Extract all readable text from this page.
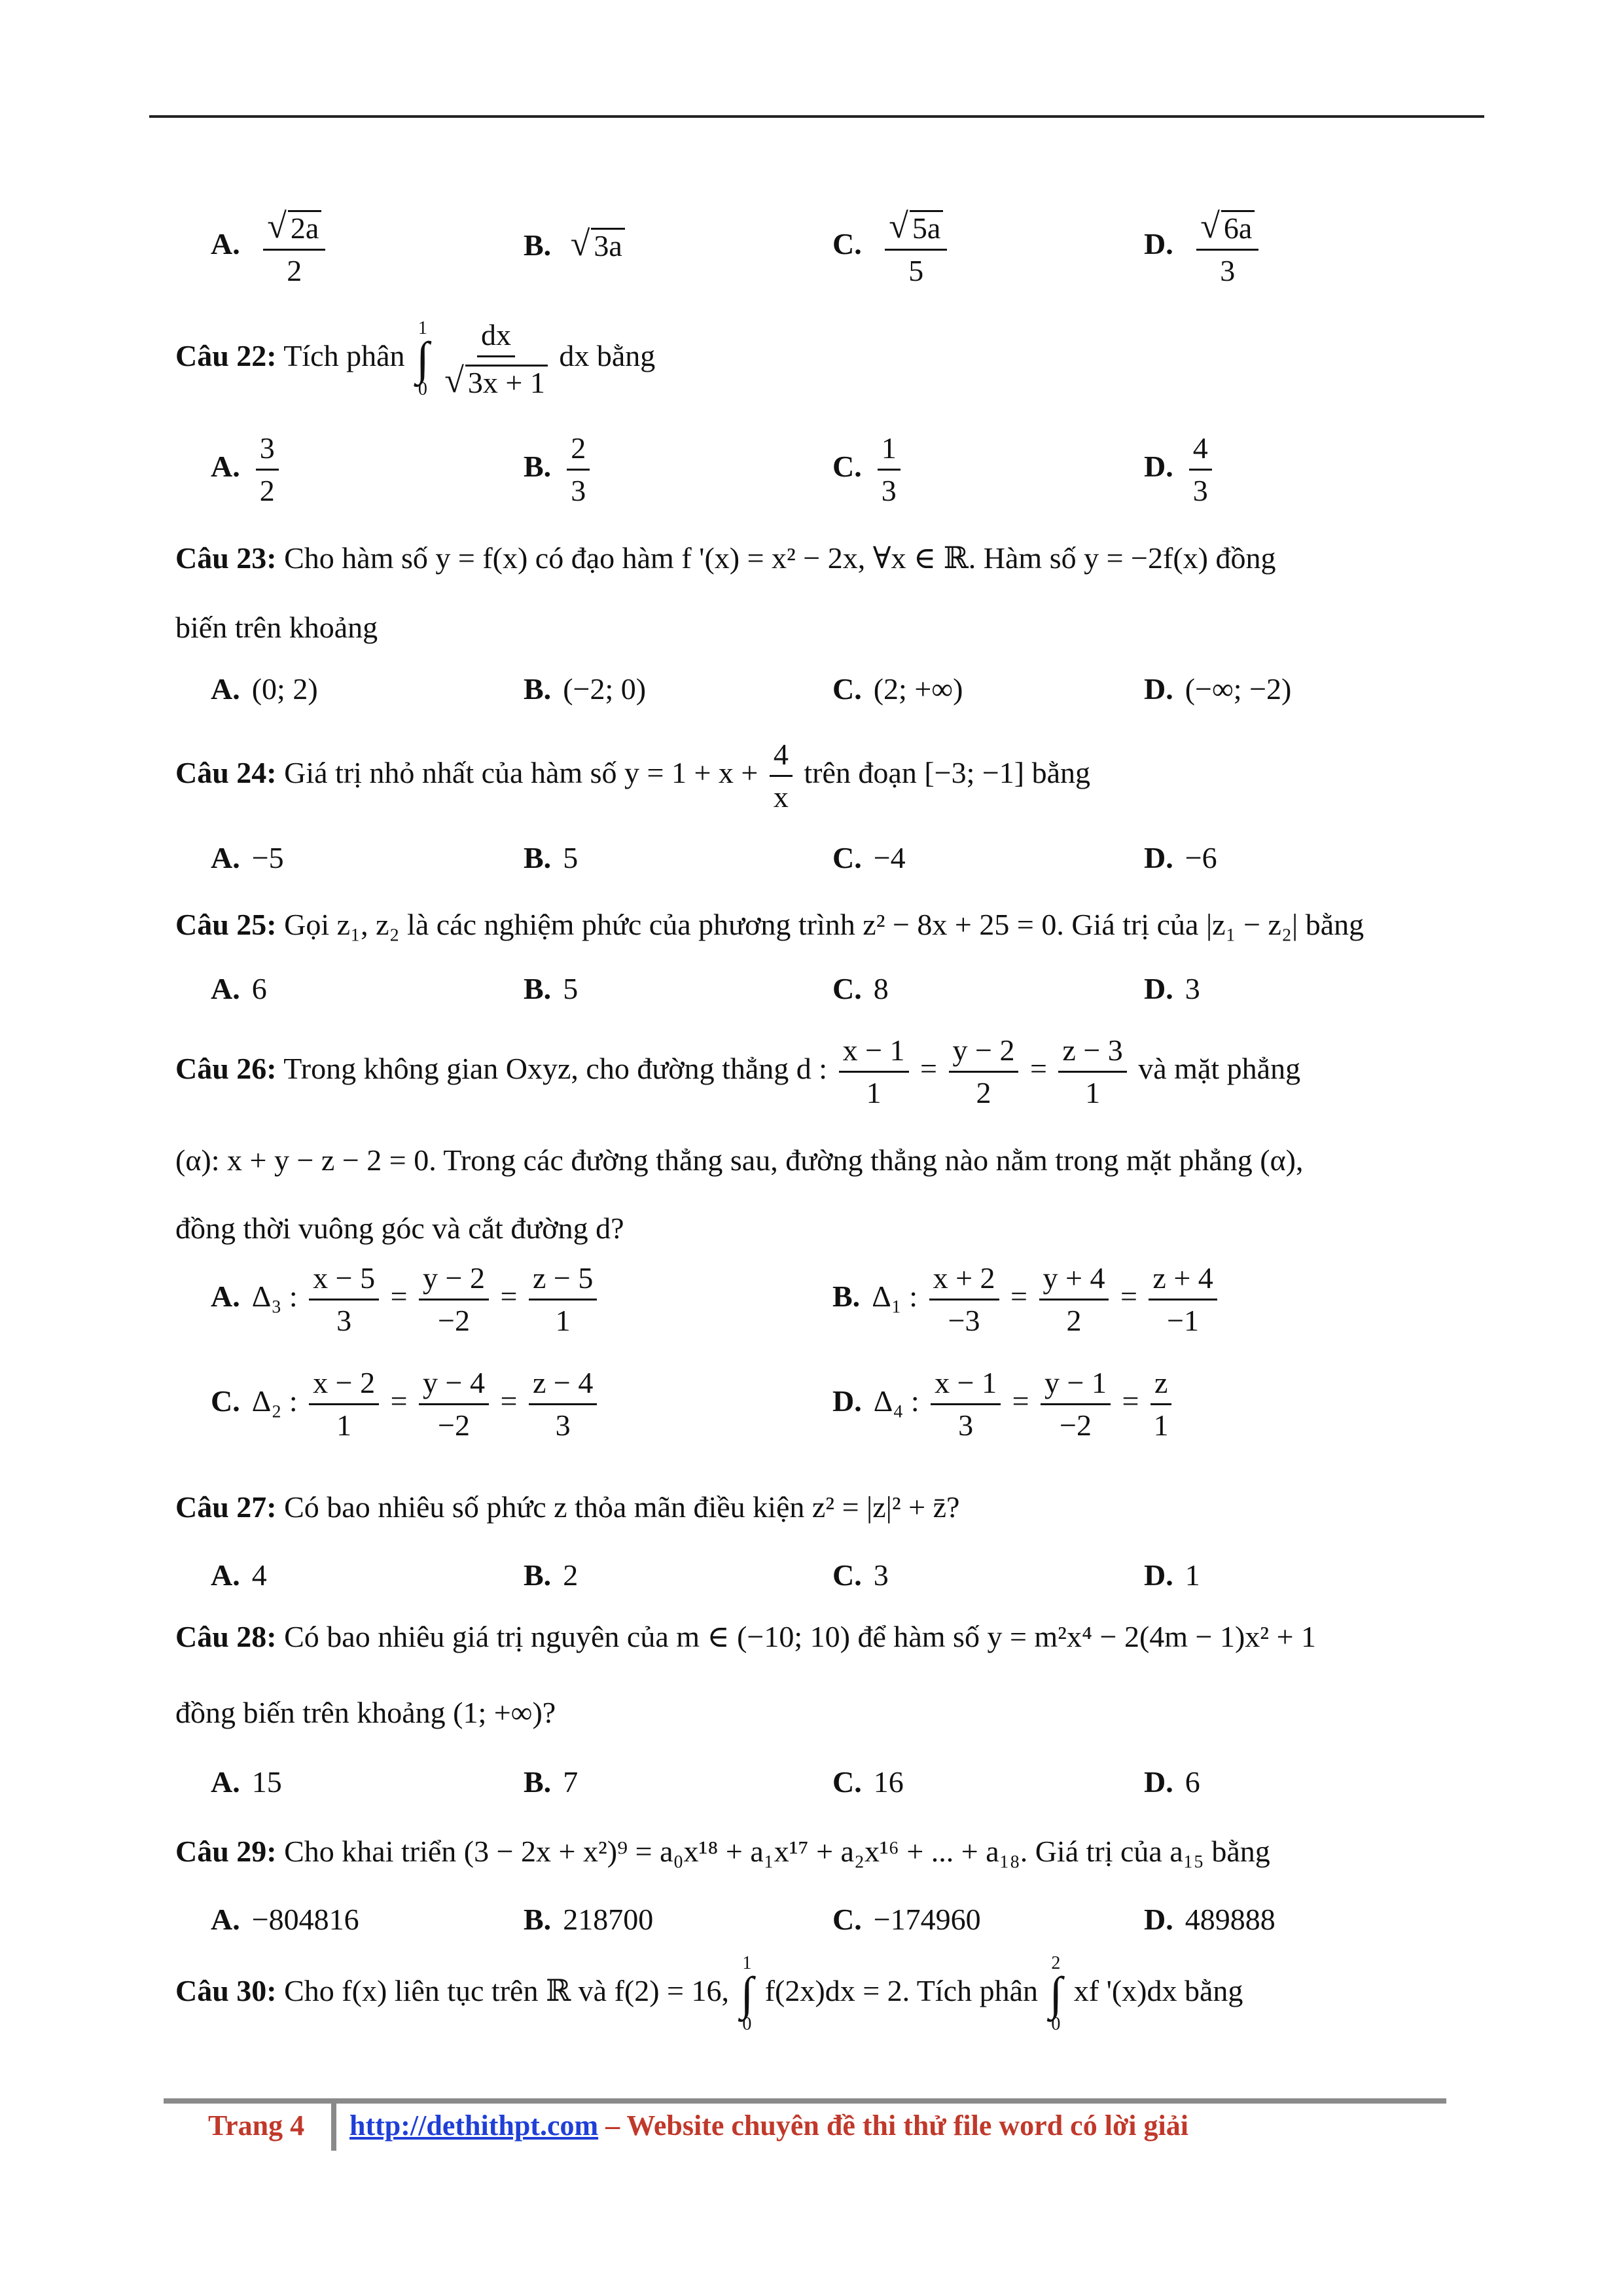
A. $\frac{√ 2a}{2}$	B. √ 3a	C. $\frac{√ 5a}{5}$	D. $\frac{√ 6a}{3}$
Câu 22: Tích phân
1
∫
0
$\frac{dx}{√ 3x + 1}$ dx bằng
A. $\frac{3}{2}$	B. $\frac{2}{3}$	C. $\frac{1}{3}$	D. $\frac{4}{3}$
Câu 23: Cho hàm số y = f(x) có đạo hàm f '(x) = x² − 2x, ∀x ∈ ℝ. Hàm số y = −2f(x) đồng
biến trên khoảng
A. (0; 2)	B. (−2; 0)	C. (2; +∞)	D. (−∞; −2)
Câu 24: Giá trị nhỏ nhất của hàm số $y = 1 + x + \frac{4}{x}$ trên đoạn [−3; −1] bằng
A. −5	B. 5	C. −4	D. −6
Câu 25: Gọi z₁, z₂ là các nghiệm phức của phương trình z² − 8x + 25 = 0. Giá trị của |z₁ − z₂| bằng
A. 6	B. 5	C. 8	D. 3
Câu 26: Trong không gian Oxyz, cho đường thẳng d : $\frac{x - 1}{1} = \frac{y - 2}{2} = \frac{z - 3}{1}$ và mặt phẳng
(α): x + y − z − 2 = 0. Trong các đường thẳng sau, đường thẳng nào nằm trong mặt phẳng (α),
đồng thời vuông góc và cắt đường d?
A. Δ₃ : $\frac{x - 5}{3} = \frac{y - 2}{-2} = \frac{z - 5}{1}$	B. Δ₁ : $\frac{x + 2}{-3} = \frac{y + 4}{2} = \frac{z + 4}{-1}$
C. Δ₂ : $\frac{x - 2}{1} = \frac{y - 4}{-2} = \frac{z - 4}{3}$	D. Δ₄ : $\frac{x - 1}{3} = \frac{y - 1}{-2} = \frac{z}{1}$
Câu 27: Có bao nhiêu số phức z thỏa mãn điều kiện z² = |z|² + z̄?
A. 4	B. 2	C. 3	D. 1
Câu 28: Có bao nhiêu giá trị nguyên của m ∈ (−10; 10) để hàm số y = m²x⁴ − 2(4m − 1)x² + 1
đồng biến trên khoảng (1; +∞)?
A. 15	B. 7	C. 16	D. 6
Câu 29: Cho khai triển (3 − 2x + x²)⁹ = a₀x¹⁸ + a₁x¹⁷ + a₂x¹⁶ + ... + a₁₈. Giá trị của a₁₅ bằng
A. −804816	B. 218700	C. −174960	D. 489888
Câu 30: Cho f(x) liên tục trên ℝ và f(2) = 16,
1
∫
0
f(2x)dx = 2. Tích phân
2
∫
0
xf '(x)dx bằng
Trang 4 http://dethithpt.com – Website chuyên đề thi thử file word có lời giải
